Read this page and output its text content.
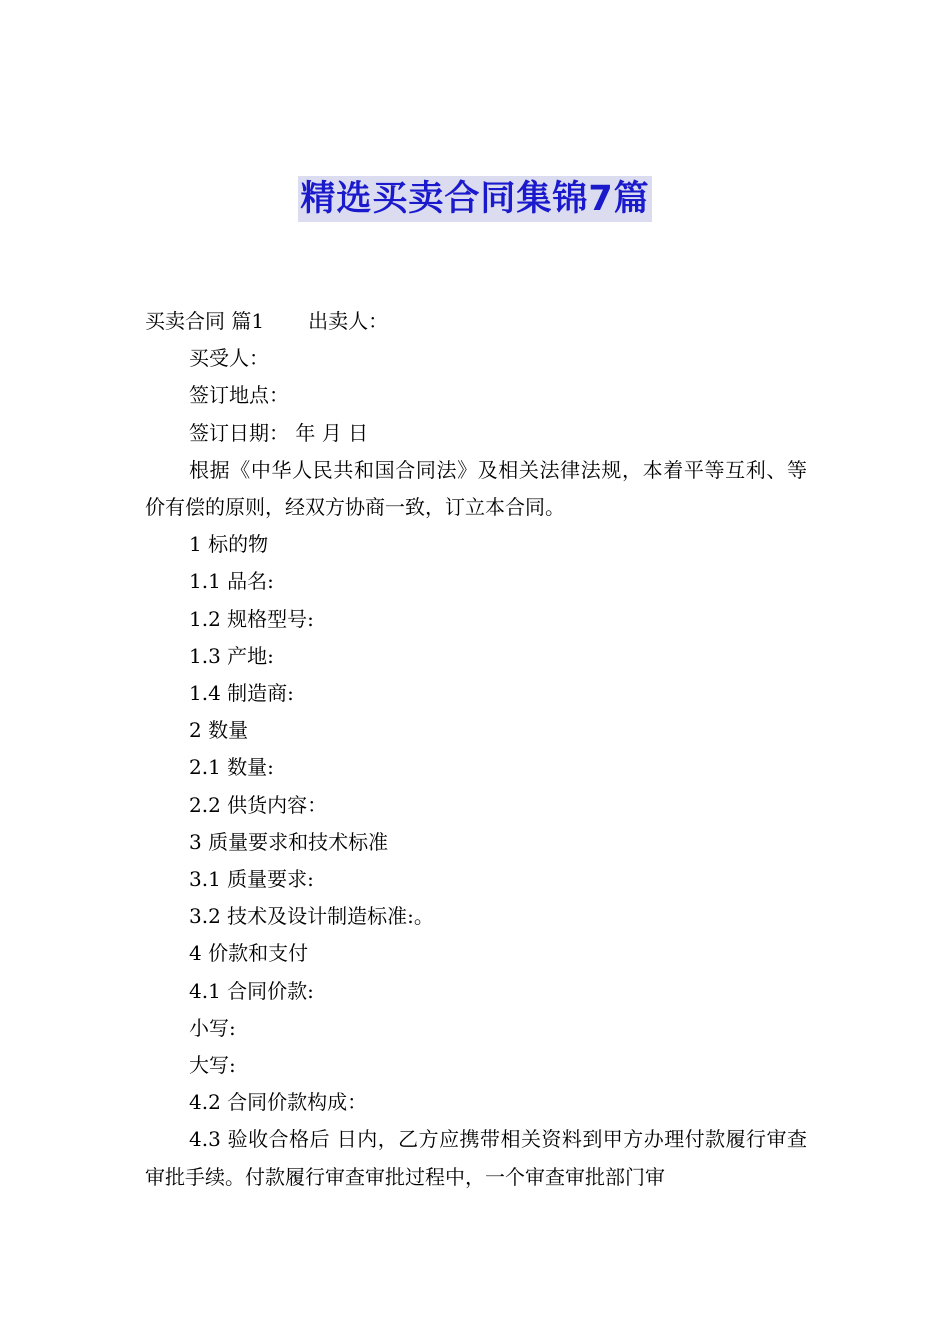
精选买卖合同集锦7篇

买卖合同 篇1 出卖人：

买受人：

签订地点：

签订日期： 年 月 日

根据《中华人民共和国合同法》及相关法律法规，本着平等互利、等价有偿的原则，经双方协商一致，订立本合同。

1 标的物

1.1 品名:

1.2 规格型号:

1.3 产地:

1.4 制造商:

2 数量

2.1 数量:

2.2 供货内容：

3 质量要求和技术标准

3.1 质量要求:

3.2 技术及设计制造标准:。

4 价款和支付

4.1 合同价款:

小写:

大写:

4.2 合同价款构成：

4.3 验收合格后 日内，乙方应携带相关资料到甲方办理付款履行审查审批手续。付款履行审查审批过程中，一个审查审批部门审
